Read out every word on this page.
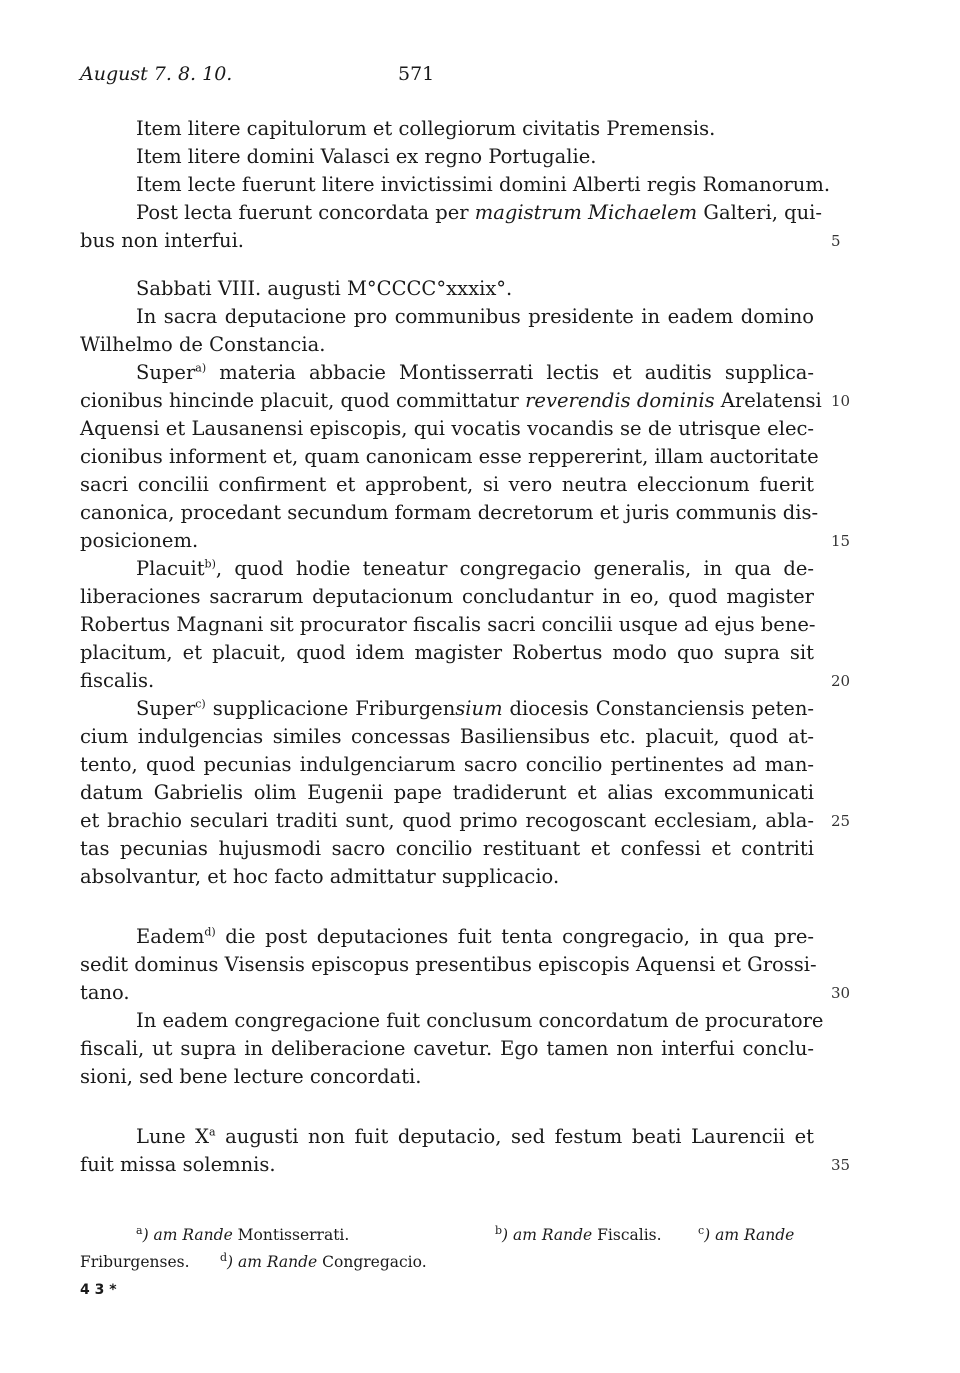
August 7. 8. 10.	571
Item litere capitulorum et collegiorum civitatis Premensis.
Item litere domini Valasci ex regno Portugalie.
Item lecte fuerunt litere invictissimi domini Alberti regis Romanorum.
Post lecta fuerunt concordata per magistrum Michaelem Galteri, qui-
bus non interfui.	5
Sabbati VIII. augusti M°CCCC°xxxix°.
In sacra deputacione pro communibus presidente in eadem domino
Wilhelmo de Constancia.
Super$^{a)}$ materia abbacie Montisserrati lectis et auditis supplica-
cionibus hincinde placuit, quod committatur reverendis dominis Arelatensi 10
Aquensi et Lausanensi episcopis, qui vocatis vocandis se de utrisque elec-
cionibus informent et, quam canonicam esse reppererint, illam auctoritate
sacri concilii confirment et approbent, si vero neutra eleccionum fuerit
canonica, procedant secundum formam decretorum et juris communis dis-
posicionem.	15
Placuit$^{b)}$, quod hodie teneatur congregacio generalis, in qua de-
liberaciones sacrarum deputacionum concludantur in eo, quod magister
Robertus Magnani sit procurator fiscalis sacri concilii usque ad ejus bene-
placitum, et placuit, quod idem magister Robertus modo quo supra sit
fiscalis.	20
Super$^{c)}$ supplicacione Friburgensium diocesis Constanciensis peten-
cium indulgencias similes concessas Basiliensibus etc. placuit, quod at-
tento, quod pecunias indulgenciarum sacro concilio pertinentes ad man-
datum Gabrielis olim Eugenii pape tradiderunt et alias excommunicati
et brachio seculari traditi sunt, quod primo recogoscant ecclesiam, abla- 25
tas pecunias hujusmodi sacro concilio restituant et confessi et contriti
absolvantur, et hoc facto admittatur supplicacio.
Eadem$^{d)}$ die post deputaciones fuit tenta congregacio, in qua pre-
sedit dominus Visensis episcopus presentibus episcopis Aquensi et Grossi-
tano.	30
In eadem congregacione fuit conclusum concordatum de procuratore
fiscali, ut supra in deliberacione cavetur. Ego tamen non interfui conclu-
sioni, sed bene lecture concordati.
Lune $X^a$ augusti non fuit deputacio, sed festum beati Laurencii et
fuit missa solemnis.	35
$^a$) am Rande Montisserrati.	$^b$) am Rande Fiscalis.	$^c$) am Rande
Friburgenses.	$^d$) am Rande Congregacio.
4 3 *
